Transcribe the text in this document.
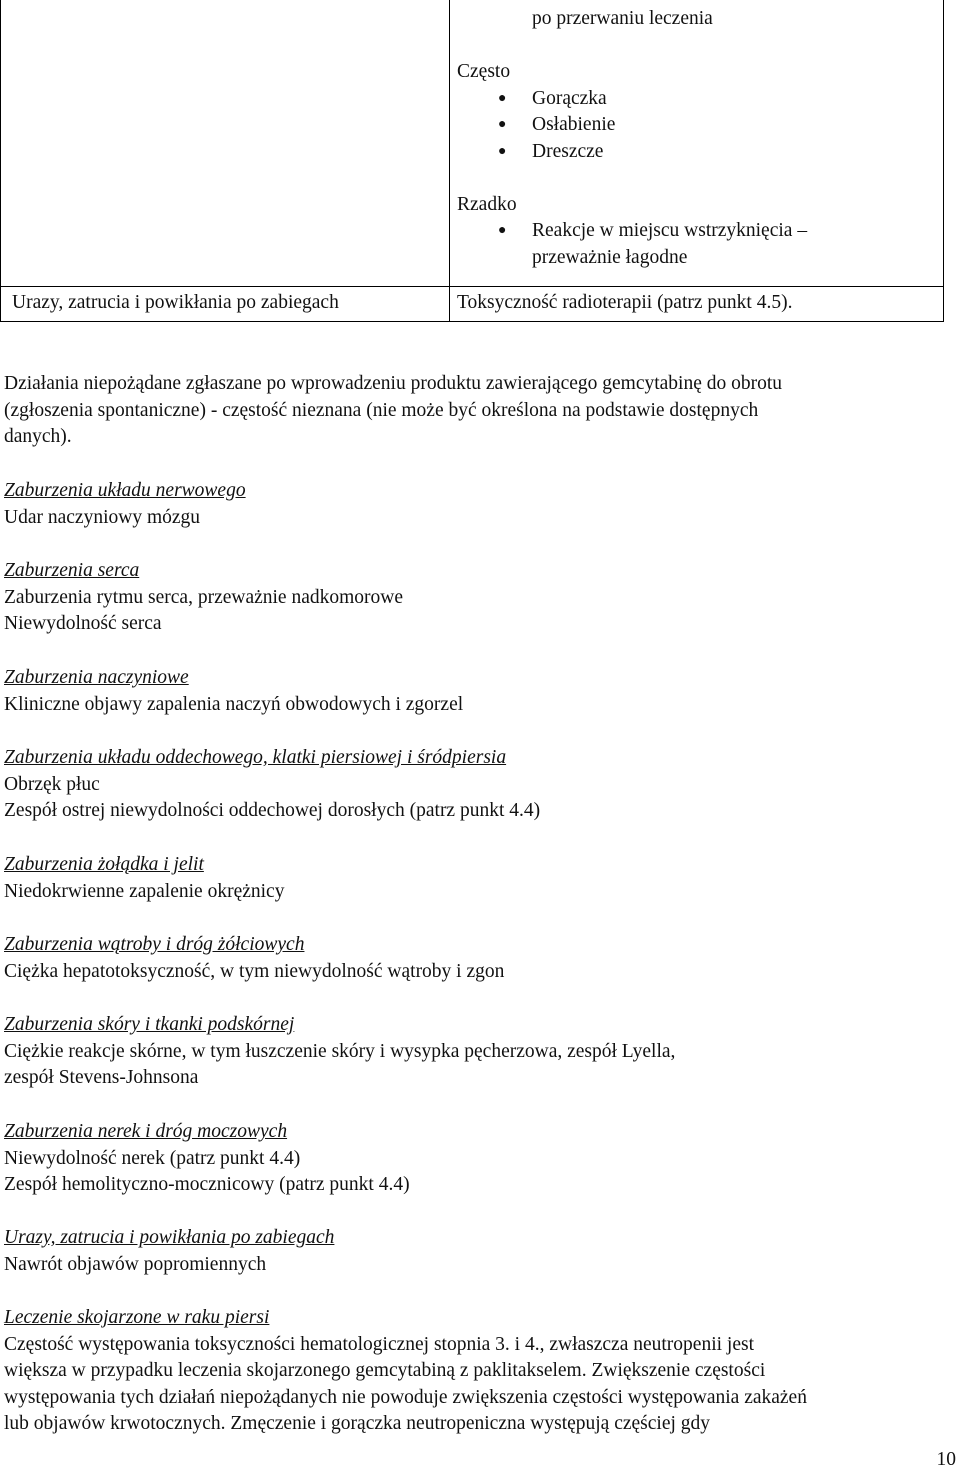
po przerwaniu leczenia
Często
● Gorączka
● Osłabienie
● Dreszcze
Rzadko
● Reakcje w miejscu wstrzyknięcia –
przeważnie łagodne
Urazy, zatrucia i powikłania po zabiegach	Toksyczność radioterapii (patrz punkt 4.5).
Działania niepożądane zgłaszane po wprowadzeniu produktu zawierającego gemcytabinę do obrotu
(zgłoszenia spontaniczne) - częstość nieznana (nie może być określona na podstawie dostępnych
danych).
Zaburzenia układu nerwowego
Udar naczyniowy mózgu
Zaburzenia serca
Zaburzenia rytmu serca, przeważnie nadkomorowe
Niewydolność serca
Zaburzenia naczyniowe
Kliniczne objawy zapalenia naczyń obwodowych i zgorzel
Zaburzenia układu oddechowego, klatki piersiowej i śródpiersia
Obrzęk płuc
Zespół ostrej niewydolności oddechowej dorosłych (patrz punkt 4.4)
Zaburzenia żołądka i jelit
Niedokrwienne zapalenie okrężnicy
Zaburzenia wątroby i dróg żółciowych
Ciężka hepatotoksyczność, w tym niewydolność wątroby i zgon
Zaburzenia skóry i tkanki podskórnej
Ciężkie reakcje skórne, w tym łuszczenie skóry i wysypka pęcherzowa, zespół Lyella,
zespół Stevens-Johnsona
Zaburzenia nerek i dróg moczowych
Niewydolność nerek (patrz punkt 4.4)
Zespół hemolityczno-mocznicowy (patrz punkt 4.4)
Urazy, zatrucia i powikłania po zabiegach
Nawrót objawów popromiennych
Leczenie skojarzone w raku piersi
Częstość występowania toksyczności hematologicznej stopnia 3. i 4., zwłaszcza neutropenii jest
większa w przypadku leczenia skojarzonego gemcytabiną z paklitakselem. Zwiększenie częstości
występowania tych działań niepożądanych nie powoduje zwiększenia częstości występowania zakażeń
lub objawów krwotocznych. Zmęczenie i gorączka neutropeniczna występują częściej gdy
10
